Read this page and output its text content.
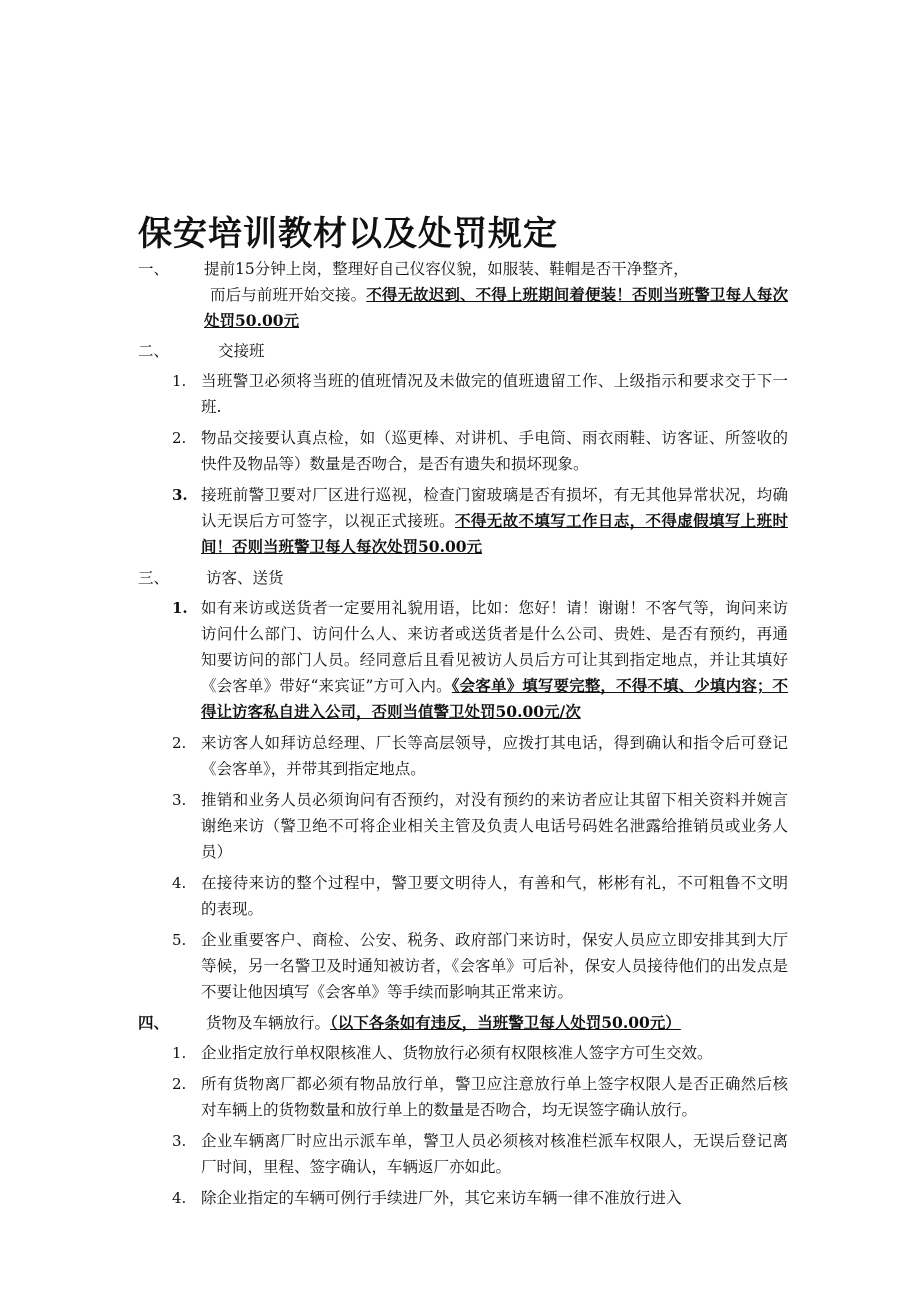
保安培训教材以及处罚规定
一、 提前15分钟上岗，整理好自己仪容仪貌，如服装、鞋帽是否干净整齐，
而后与前班开始交接。不得无故迟到、不得上班期间着便装！否则当班警卫每人每次处罚50.00元
二、	交接班
1. 当班警卫必须将当班的值班情况及未做完的值班遗留工作、上级指示和要求交于下一班.
2. 物品交接要认真点检，如（巡更棒、对讲机、手电筒、雨衣雨鞋、访客证、所签收的快件及物品等）数量是否吻合，是否有遗失和损坏现象。
3. 接班前警卫要对厂区进行巡视，检查门窗玻璃是否有损坏，有无其他异常状况，均确认无误后方可签字，以视正式接班。不得无故不填写工作日志，不得虚假填写上班时间！否则当班警卫每人每次处罚50.00元
三、 访客、送货
1. 如有来访或送货者一定要用礼貌用语，比如：您好！请！谢谢！不客气等，询问来访访问什么部门、访问什么人、来访者或送货者是什么公司、贵姓、是否有预约，再通知要访问的部门人员。经同意后且看见被访人员后方可让其到指定地点，并让其填好《会客单》带好“来宾证”方可入内。《会客单》填写要完整，不得不填、少填内容；不得让访客私自进入公司，否则当值警卫处罚50.00元/次
2. 来访客人如拜访总经理、厂长等高层领导，应拨打其电话，得到确认和指令后可登记《会客单》，并带其到指定地点。
3. 推销和业务人员必须询问有否预约，对没有预约的来访者应让其留下相关资料并婉言谢绝来访（警卫绝不可将企业相关主管及负责人电话号码姓名泄露给推销员或业务人员）
4. 在接待来访的整个过程中，警卫要文明待人，有善和气，彬彬有礼，不可粗鲁不文明的表现。
5. 企业重要客户、商检、公安、税务、政府部门来访时，保安人员应立即安排其到大厅等候，另一名警卫及时通知被访者，《会客单》可后补，保安人员接待他们的出发点是不要让他因填写《会客单》等手续而影响其正常来访。
四、 货物及车辆放行。（以下各条如有违反，当班警卫每人处罚50.00元）
1. 企业指定放行单权限核准人、货物放行必须有权限核准人签字方可生交效。
2. 所有货物离厂都必须有物品放行单，警卫应注意放行单上签字权限人是否正确然后核对车辆上的货物数量和放行单上的数量是否吻合，均无误签字确认放行。
3. 企业车辆离厂时应出示派车单，警卫人员必须核对核准栏派车权限人，无误后登记离厂时间，里程、签字确认，车辆返厂亦如此。
4. 除企业指定的车辆可例行手续进厂外，其它来访车辆一律不准放行进入
